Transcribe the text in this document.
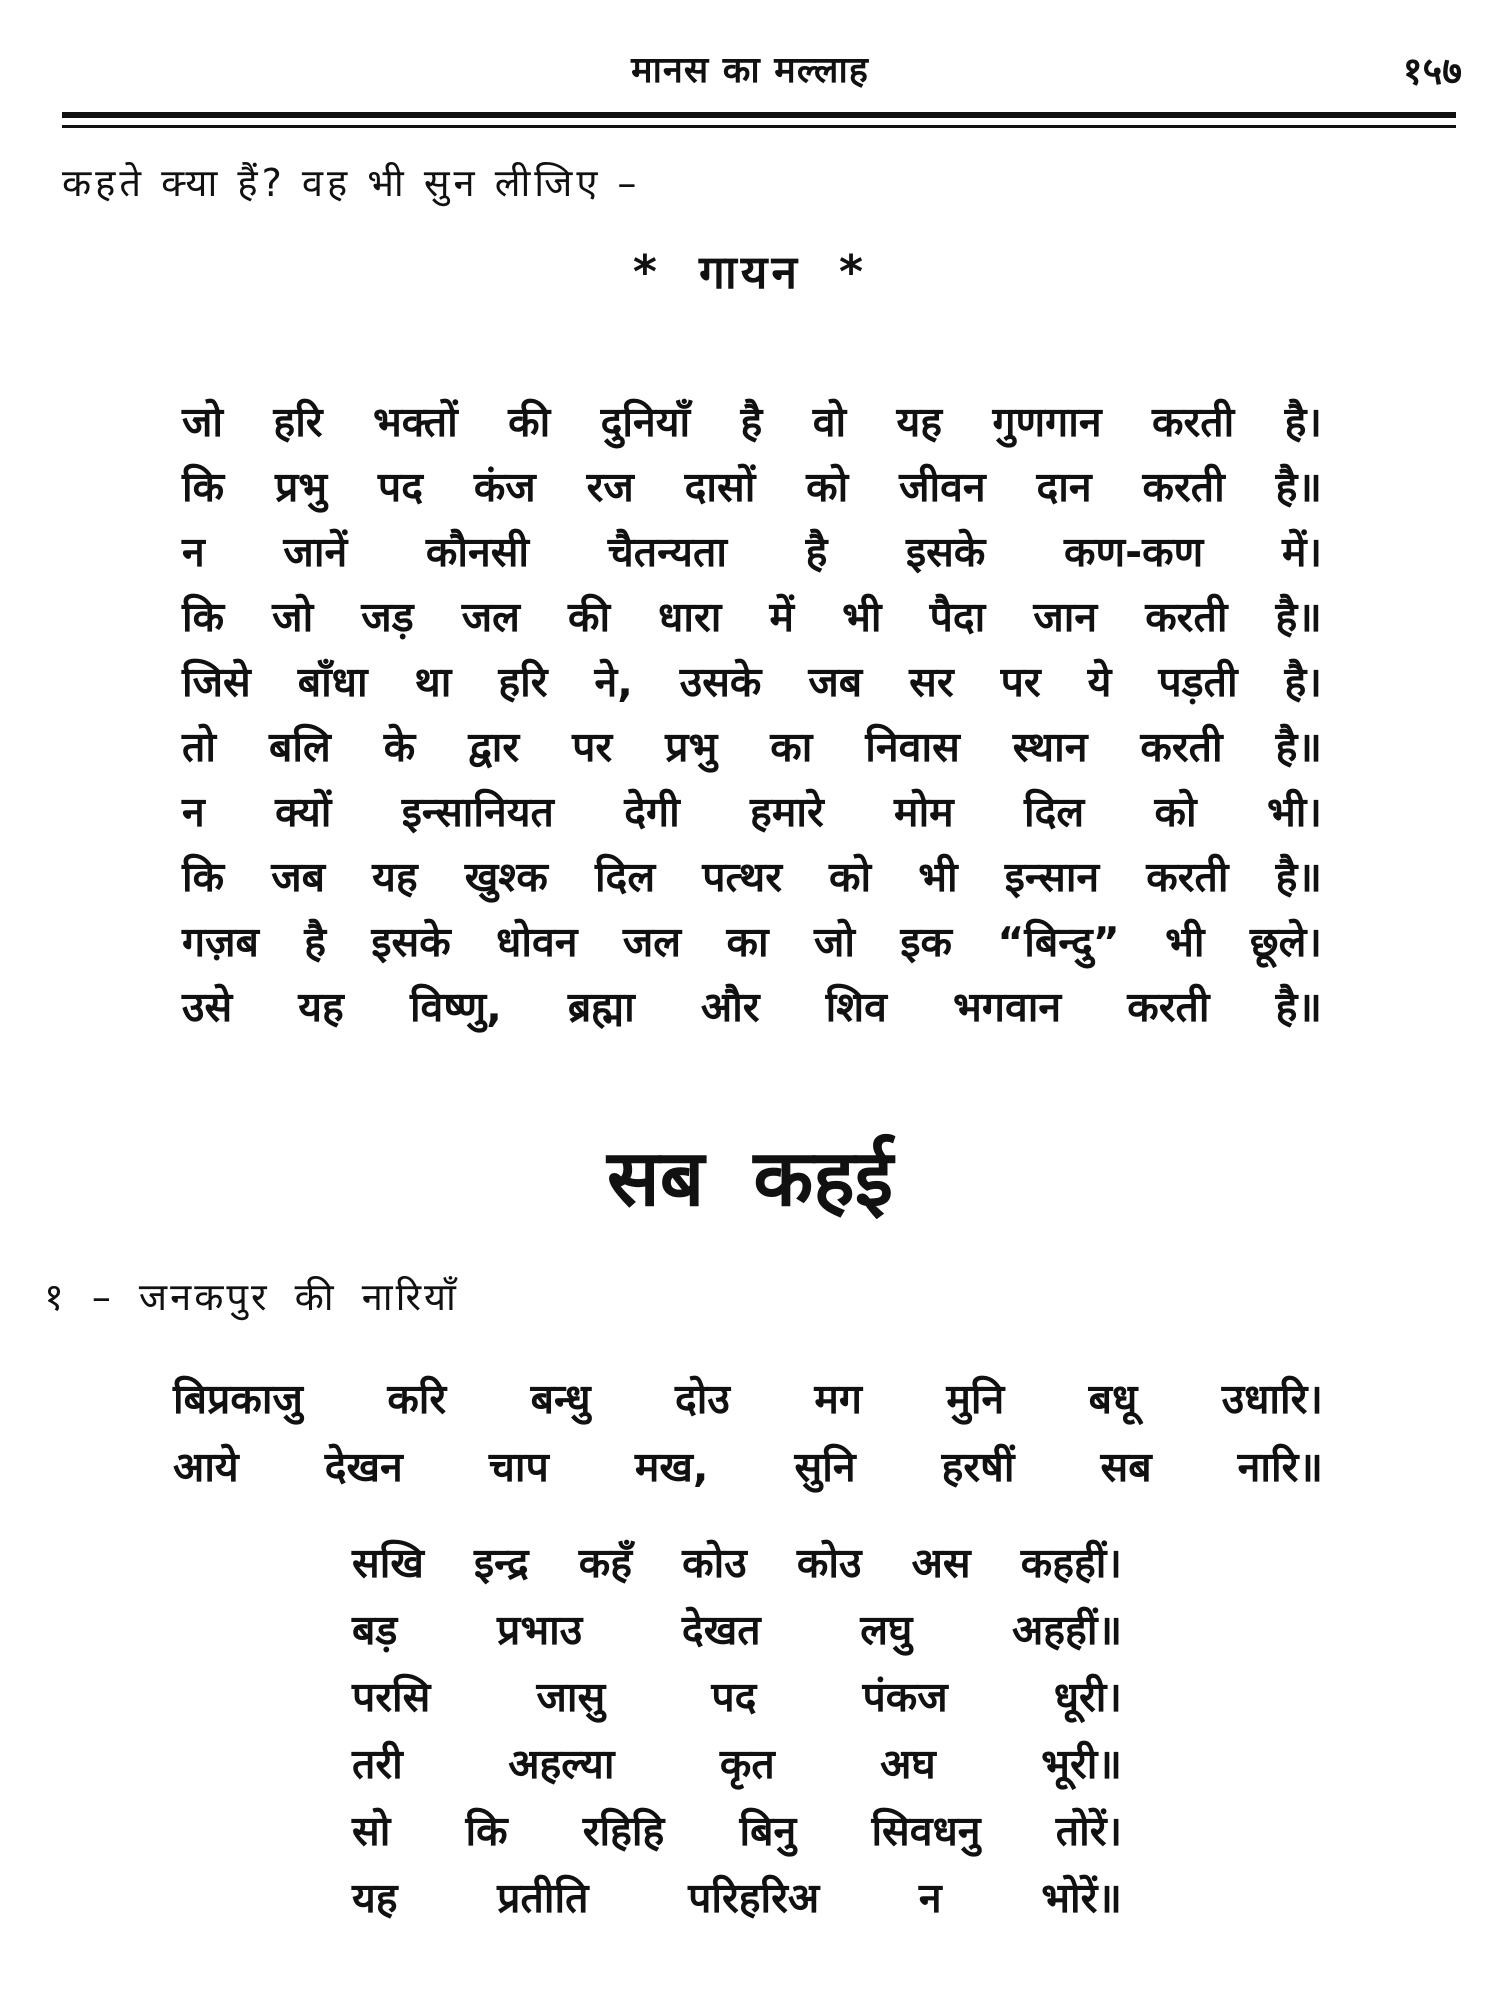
मानस का मल्लाह	१५७
कहते क्या हैं? वह भी सुन लीजिए –
* गायन *
जो हरि भक्तों की दुनियाँ है वो यह गुणगान करती है।
कि प्रभु पद कंज रज दासों को जीवन दान करती है॥
न जानें कौनसी चैतन्यता है इसके कण-कण में।
कि जो जड़ जल की धारा में भी पैदा जान करती है॥
जिसे बाँधा था हरि ने, उसके जब सर पर ये पड़ती है।
तो बलि के द्वार पर प्रभु का निवास स्थान करती है॥
न क्यों इन्सानियत देगी हमारे मोम दिल को भी।
कि जब यह खुश्क दिल पत्थर को भी इन्सान करती है॥
गज़ब है इसके धोवन जल का जो इक “बिन्दु” भी छूले।
उसे यह विष्णु, ब्रह्मा और शिव भगवान करती है॥
सब कहई
१ – जनकपुर की नारियाँ
बिप्रकाजु करि बन्धु दोउ मग मुनि बधू उधारि।
आये देखन चाप मख, सुनि हरषीं सब नारि॥
सखि इन्द्र कहँ कोउ कोउ अस कहहीं।
बड़ प्रभाउ देखत लघु अहहीं॥
परसि	जासु	पद	पंकज	धूरी।
तरी	अहल्या	कृत	अघ	भूरी॥
सो कि रहिहि बिनु सिवधनु तोरें।
यह प्रतीति परिहरिअ न भोरें॥
